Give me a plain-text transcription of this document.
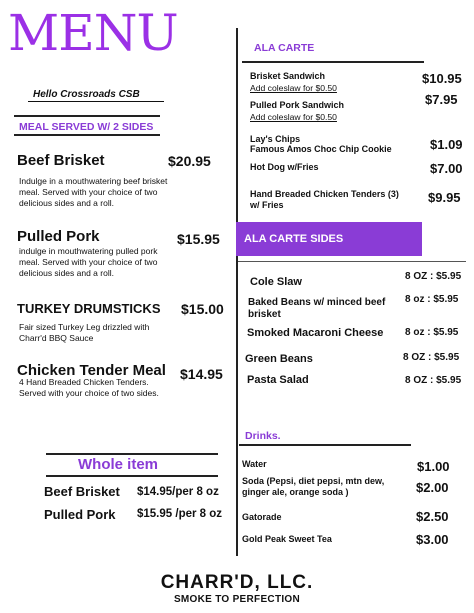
MENU
Hello Crossroads CSB
MEAL SERVED W/ 2 SIDES
Beef Brisket	$20.95
Indulge in a mouthwatering beef brisket meal. Served with your choice of two delicious sides and a roll.
Pulled Pork	$15.95
indulge in mouthwatering pulled pork meal. Served with your choice of two delicious sides and a roll.
TURKEY DRUMSTICKS $15.00
Fair sized Turkey Leg drizzled with Charr'd BBQ Sauce
Chicken Tender Meal $14.95
4 Hand Breaded Chicken Tenders. Served with your choice of two sides.
Whole item
Beef Brisket $14.95/per 8 oz
Pulled Pork $15.95 /per 8 oz
ALA CARTE
Brisket Sandwich	$10.95
Add coleslaw for $0.50
Pulled Pork Sandwich	$7.95
Add coleslaw for $0.50
Lay's Chips
Famous Amos Choc Chip Cookie	$1.09
Hot Dog w/Fries	$7.00
Hand Breaded Chicken Tenders (3) w/ Fries	$9.95
ALA CARTE SIDES
Cole Slaw	8 OZ : $5.95
Baked Beans w/ minced beef brisket
8 oz : $5.95
Smoked Macaroni Cheese 8 oz : $5.95
Green Beans	8 OZ : $5.95
Pasta Salad	8 OZ : $5.95
Drinks.
Water	$1.00
Soda (Pepsi, diet pepsi, mtn dew, ginger ale, orange soda )	$2.00
Gatorade	$2.50
Gold Peak Sweet Tea	$3.00
CHARR'D, LLC.
SMOKE TO PERFECTION
